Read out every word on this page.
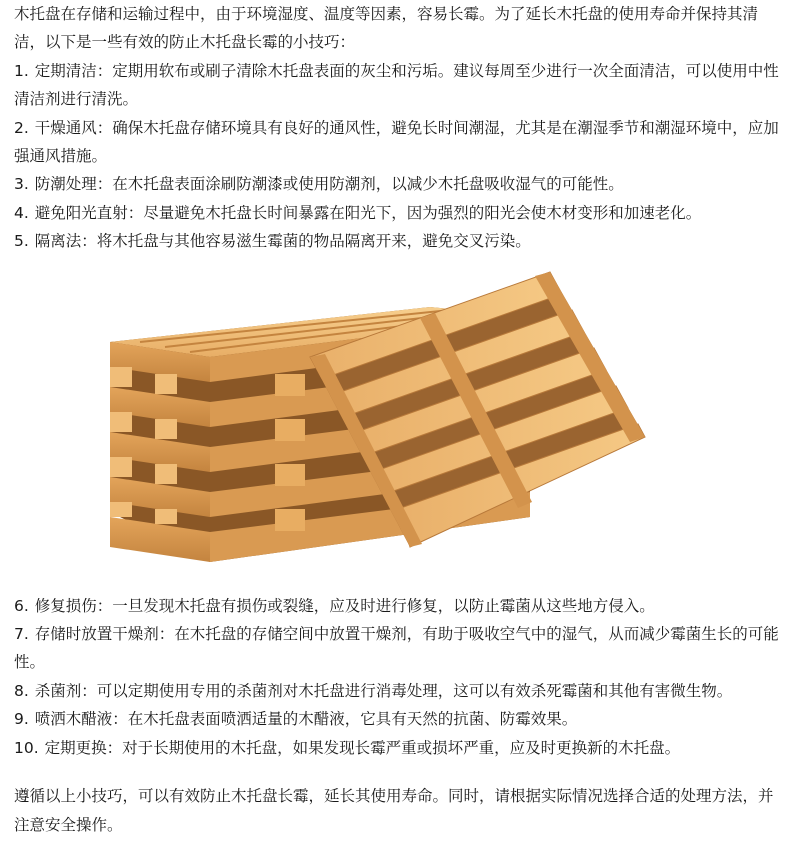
木托盘在存储和运输过程中，由于环境湿度、温度等因素，容易长霉。为了延长木托盘的使用寿命并保持其清洁，以下是一些有效的防止木托盘长霉的小技巧：

1. 定期清洁：定期用软布或刷子清除木托盘表面的灰尘和污垢。建议每周至少进行一次全面清洁，可以使用中性清洁剂进行清洗。
2. 干燥通风：确保木托盘存储环境具有良好的通风性，避免长时间潮湿，尤其是在潮湿季节和潮湿环境中，应加强通风措施。
3. 防潮处理：在木托盘表面涂刷防潮漆或使用防潮剂，以减少木托盘吸收湿气的可能性。
4. 避免阳光直射：尽量避免木托盘长时间暴露在阳光下，因为强烈的阳光会使木材变形和加速老化。
5. 隔离法：将木托盘与其他容易滋生霉菌的物品隔离开来，避免交叉污染。
6. 修复损伤：一旦发现木托盘有损伤或裂缝，应及时进行修复，以防止霉菌从这些地方侵入。
7. 存储时放置干燥剂：在木托盘的存储空间中放置干燥剂，有助于吸收空气中的湿气，从而减少霉菌生长的可能性。
8. 杀菌剂：可以定期使用专用的杀菌剂对木托盘进行消毒处理，这可以有效杀死霉菌和其他有害微生物。
9. 喷洒木醋液：在木托盘表面喷洒适量的木醋液，它具有天然的抗菌、防霉效果。
10. 定期更换：对于长期使用的木托盘，如果发现长霉严重或损坏严重，应及时更换新的木托盘。

遵循以上小技巧，可以有效防止木托盘长霉，延长其使用寿命。同时，请根据实际情况选择合适的处理方法，并注意安全操作。
